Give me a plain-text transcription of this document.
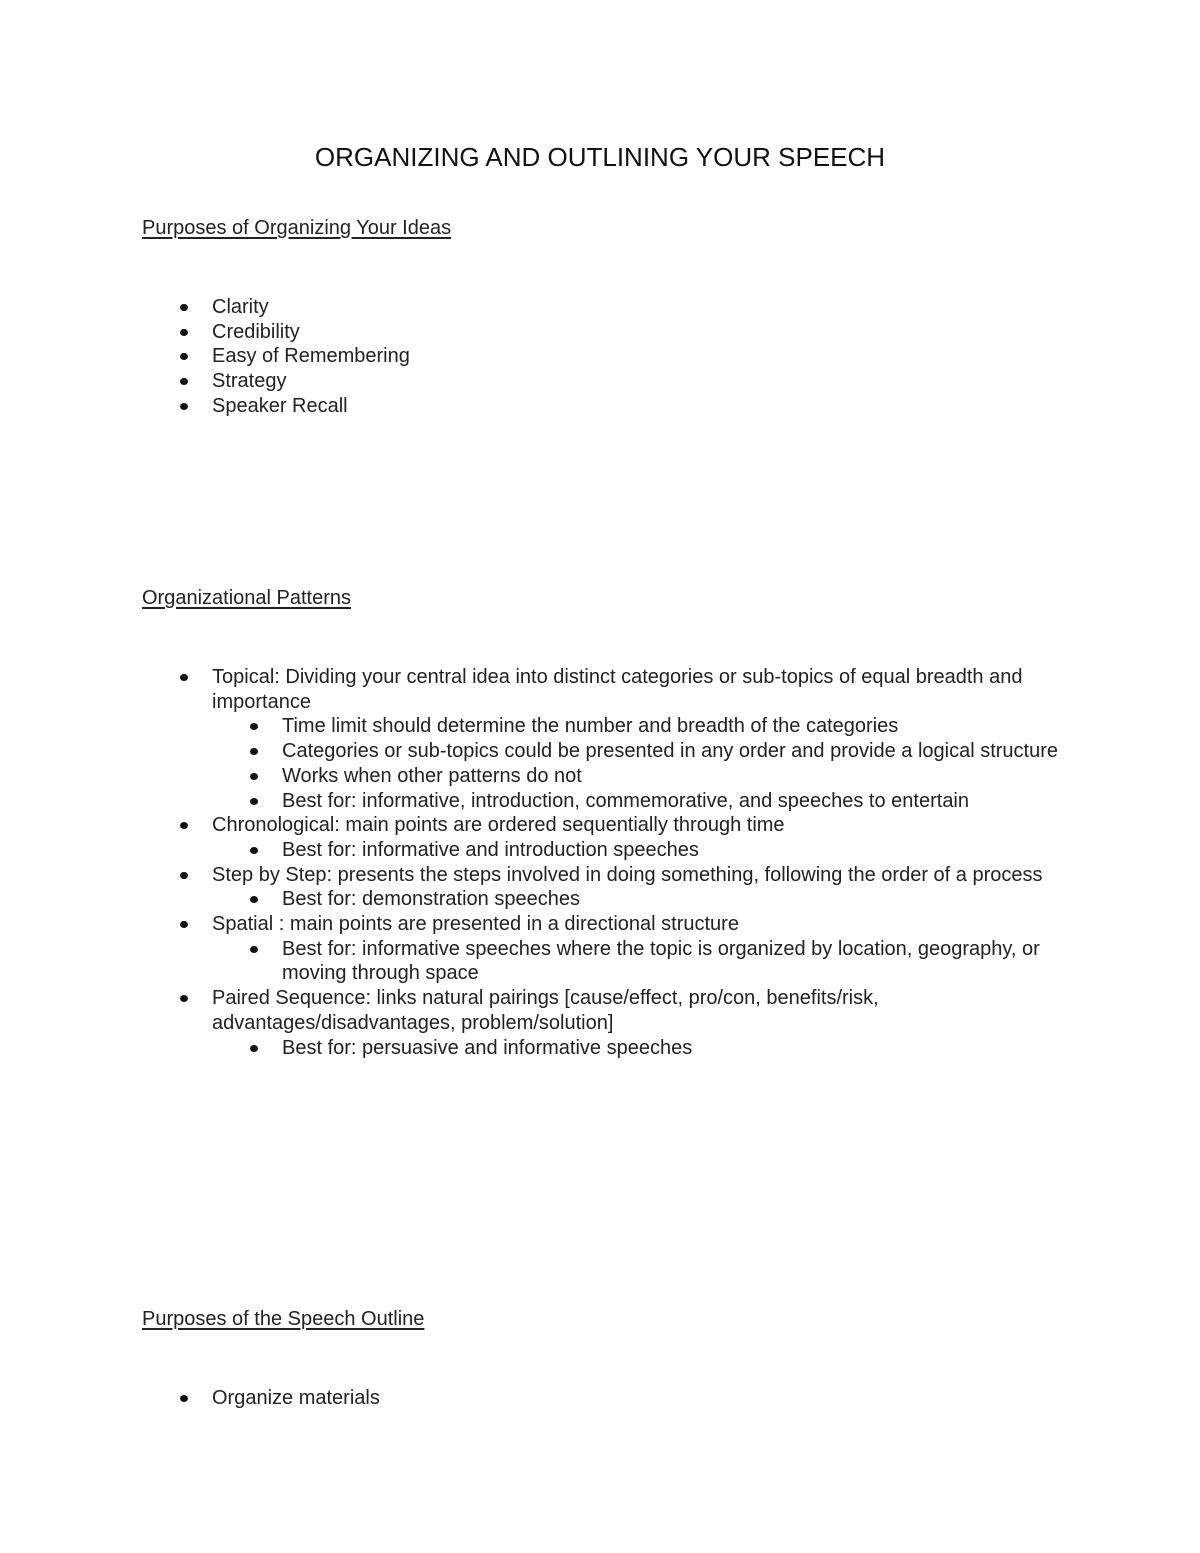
ORGANIZING AND OUTLINING YOUR SPEECH
Purposes of Organizing Your Ideas
Clarity
Credibility
Easy of Remembering
Strategy
Speaker Recall
Organizational Patterns
Topical: Dividing your central idea into distinct categories or sub-topics of equal breadth and importance
Time limit should determine the number and breadth of the categories
Categories or sub-topics could be presented in any order and provide a logical structure
Works when other patterns do not
Best for: informative, introduction, commemorative, and speeches to entertain
Chronological: main points are ordered sequentially through time
Best for: informative and introduction speeches
Step by Step: presents the steps involved in doing something, following the order of a process
Best for: demonstration speeches
Spatial : main points are presented in a directional structure
Best for: informative speeches where the topic is organized by location, geography, or moving through space
Paired Sequence: links natural pairings [cause/effect, pro/con, benefits/risk, advantages/disadvantages, problem/solution]
Best for: persuasive and informative speeches
Purposes of the Speech Outline
Organize materials
